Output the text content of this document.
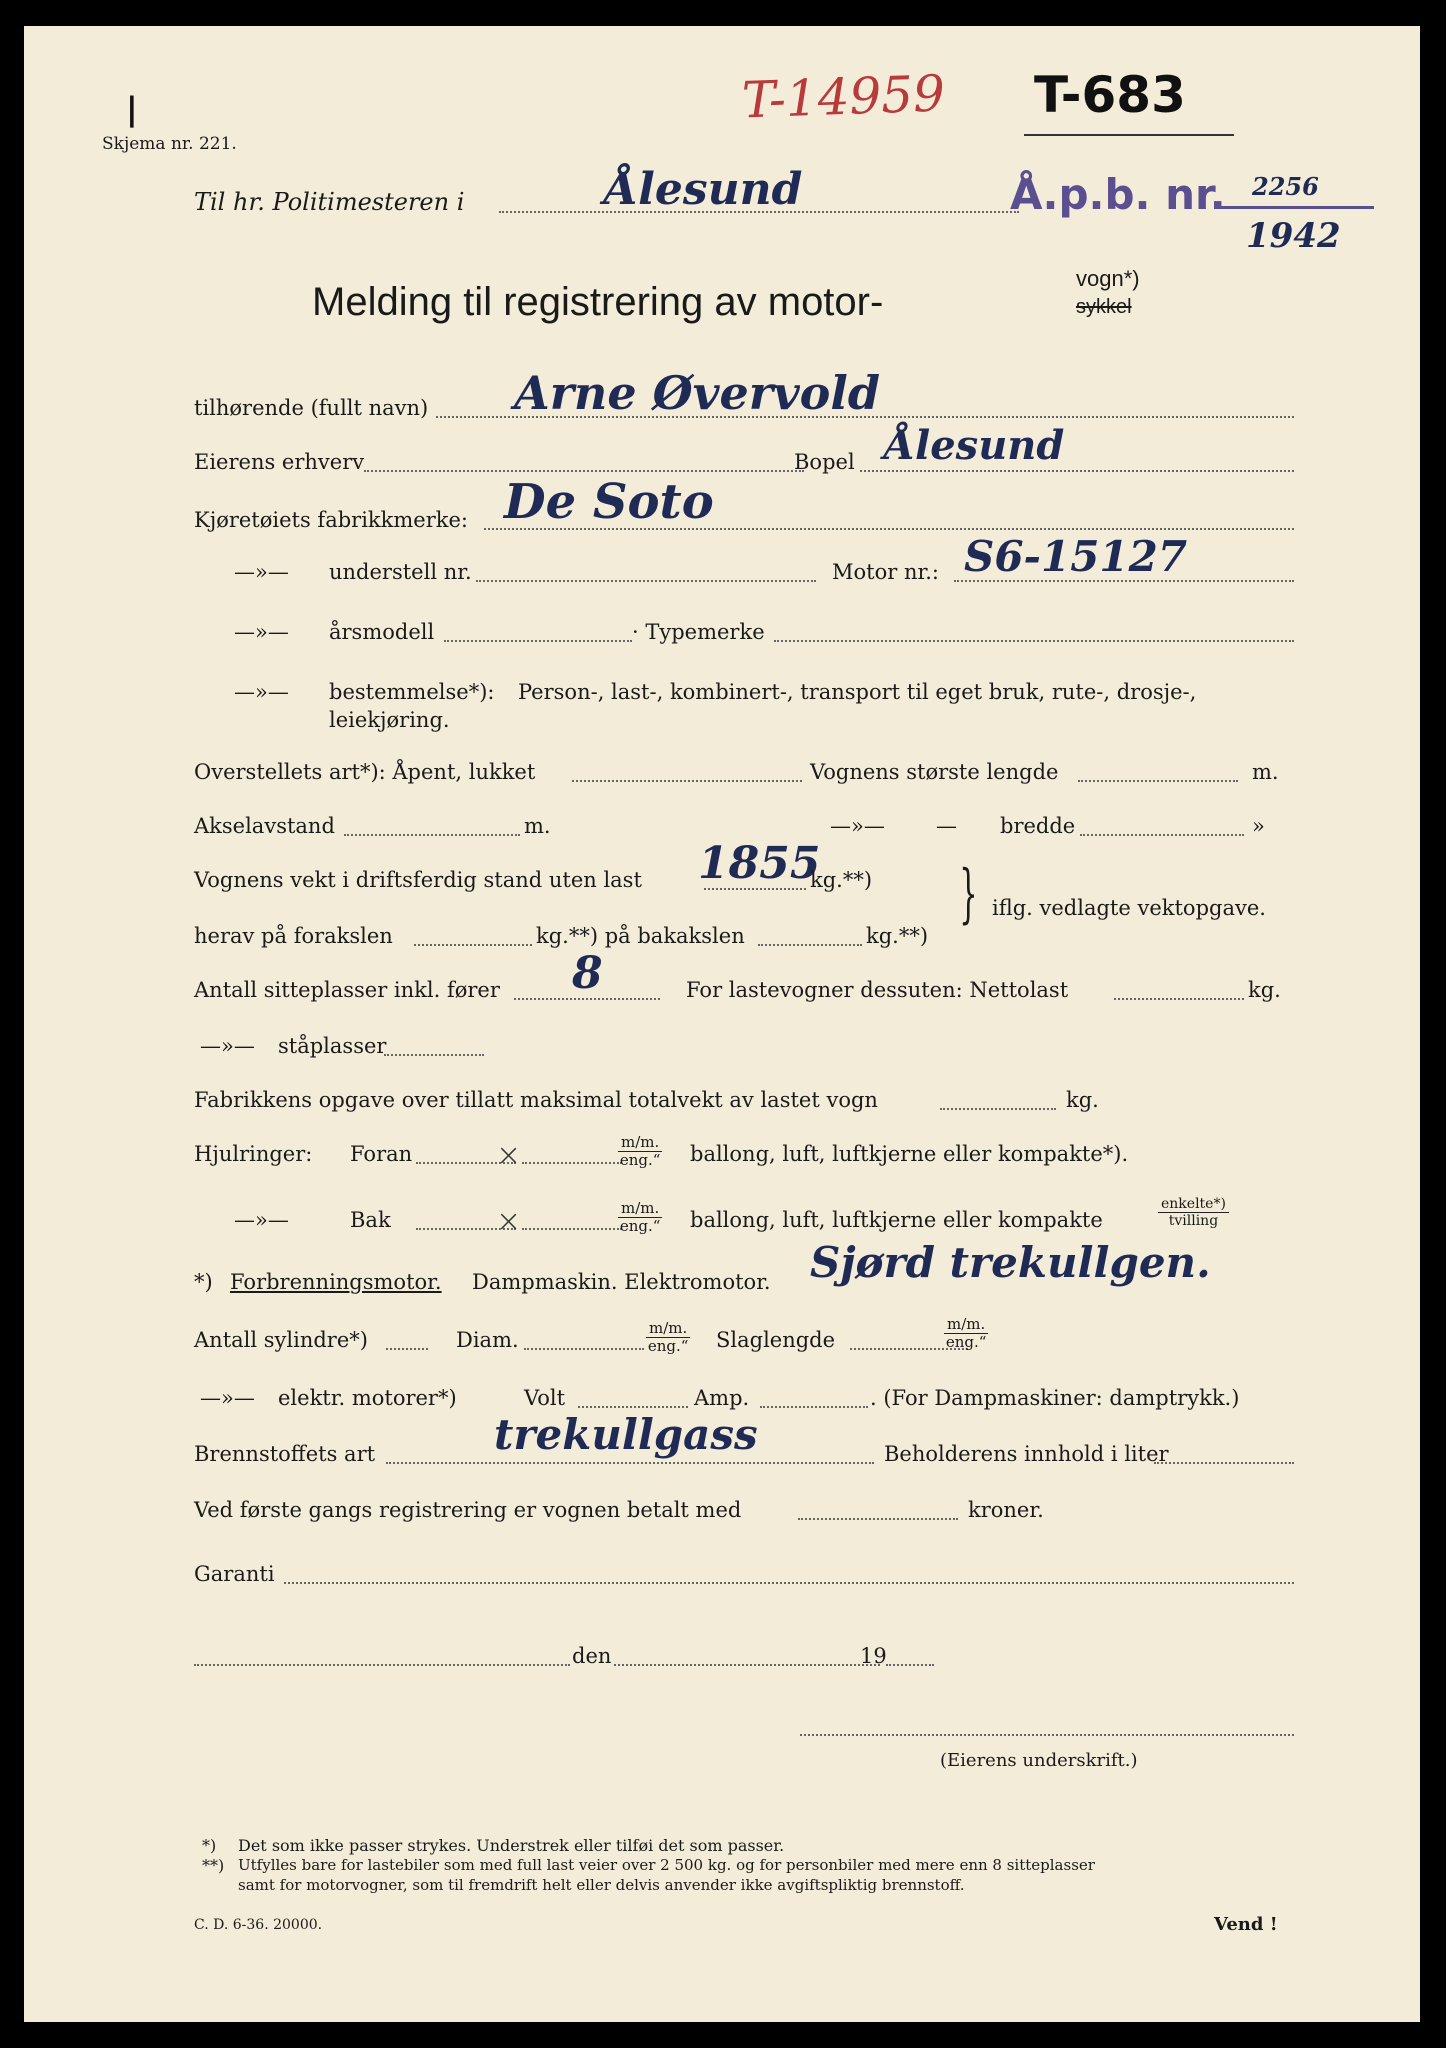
|
Skjema nr. 221.
T-14959 T-683
Til hr. Politimesteren i	Ålesund	Å.p.b. nr. 2256
1942
Melding til registrering av motor-
vogn*)
sykkel
tilhørende (fullt navn) Arne Øvervold
Eierens erhverv	Bopel Ålesund
Kjøretøiets fabrikkmerke: De Soto
—»— understell nr.	Motor nr.: S6-15127
—»— årsmodell	· Typemerke
—»— bestemmelse*): Person-, last-, kombinert-, transport til eget bruk, rute-, drosje-,
leiekjøring.
Overstellets art*): Åpent, lukket	Vognens største lengde	m.
Akselavstand	m.	—»— — bredde	»
Vognens vekt i driftsferdig stand uten last 1855
kg.**)
herav på forakslen	kg.**) på bakakslen	kg.**)
} iflg. vedlagte vektopgave.
Antall sitteplasser inkl. fører 8	For lastevogner dessuten: Nettolast	kg.
—»— ståplasser
Fabrikkens opgave over tillatt maksimal totalvekt av lastet vogn	kg.
Hjulringer: Foran	×	m/m.
eng.“ ballong, luft, luftkjerne eller kompakte*).
—»—	Bak	×	m/m.
eng.“ ballong, luft, luftkjerne eller kompakte
enkelte*)
tvilling
*) Forbrenningsmotor. Dampmaskin. Elektromotor. Sjørd trekullgen.
Antall sylindre*)	Diam.	m/m.
eng.“ Slaglengde
m/m.
eng.“
—»— elektr. motorer*)	Volt	Amp.	. (For Dampmaskiner: damptrykk.)
Brennstoffets art	trekullgass	Beholderens innhold i liter
Ved første gangs registrering er vognen betalt med	kroner.
Garanti
den	19
(Eierens underskrift.)
*) Det som ikke passer strykes. Understrek eller tilføi det som passer.
**) Utfylles bare for lastebiler som med full last veier over 2 500 kg. og for personbiler med mere enn 8 sitteplasser
samt for motorvogner, som til fremdrift helt eller delvis anvender ikke avgiftspliktig brennstoff.
C. D. 6-36. 20000.	Vend !
